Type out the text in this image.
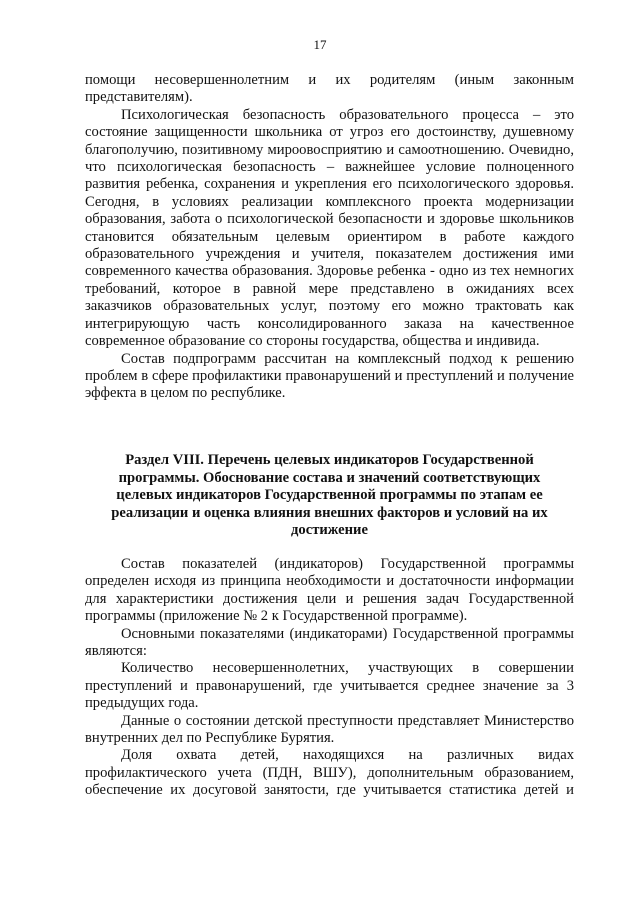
17

помощи несовершеннолетним и их родителям (иным законным представителям).

Психологическая безопасность образовательного процесса – это состояние защищенности школьника от угроз его достоинству, душевному благополучию, позитивному мироовосприятию и самоотношению. Очевидно, что психологическая безопасность – важнейшее условие полноценного развития ребенка, сохранения и укрепления его психологического здоровья. Сегодня, в условиях реализации комплексного проекта модернизации образования, забота о психологической безопасности и здоровье школьников становится обязательным целевым ориентиром в работе каждого образовательного учреждения и учителя, показателем достижения ими современного качества образования. Здоровье ребенка - одно из тех немногих требований, которое в равной мере представлено в ожиданиях всех заказчиков образовательных услуг, поэтому его можно трактовать как интегрирующую часть консолидированного заказа на качественное современное образование со стороны государства, общества и индивида.

Состав подпрограмм рассчитан на комплексный подход к решению проблем в сфере профилактики правонарушений и преступлений и получение эффекта в целом по республике.

Раздел VIII. Перечень целевых индикаторов Государственной программы. Обоснование состава и значений соответствующих целевых индикаторов Государственной программы по этапам ее реализации и оценка влияния внешних факторов и условий на их достижение

Состав показателей (индикаторов) Государственной программы определен исходя из принципа необходимости и достаточности информации для характеристики достижения цели и решения задач Государственной программы (приложение № 2 к Государственной программе).

Основными показателями (индикаторами) Государственной программы являются:

Количество несовершеннолетних, участвующих в совершении преступлений и правонарушений, где учитывается среднее значение за 3 предыдущих года.

Данные о состоянии детской преступности представляет Министерство внутренних дел по Республике Бурятия.

Доля охвата детей, находящихся на различных видах профилактического учета (ПДН, ВШУ), дополнительным образованием, обеспечение их досуговой занятости, где учитывается статистика детей и
